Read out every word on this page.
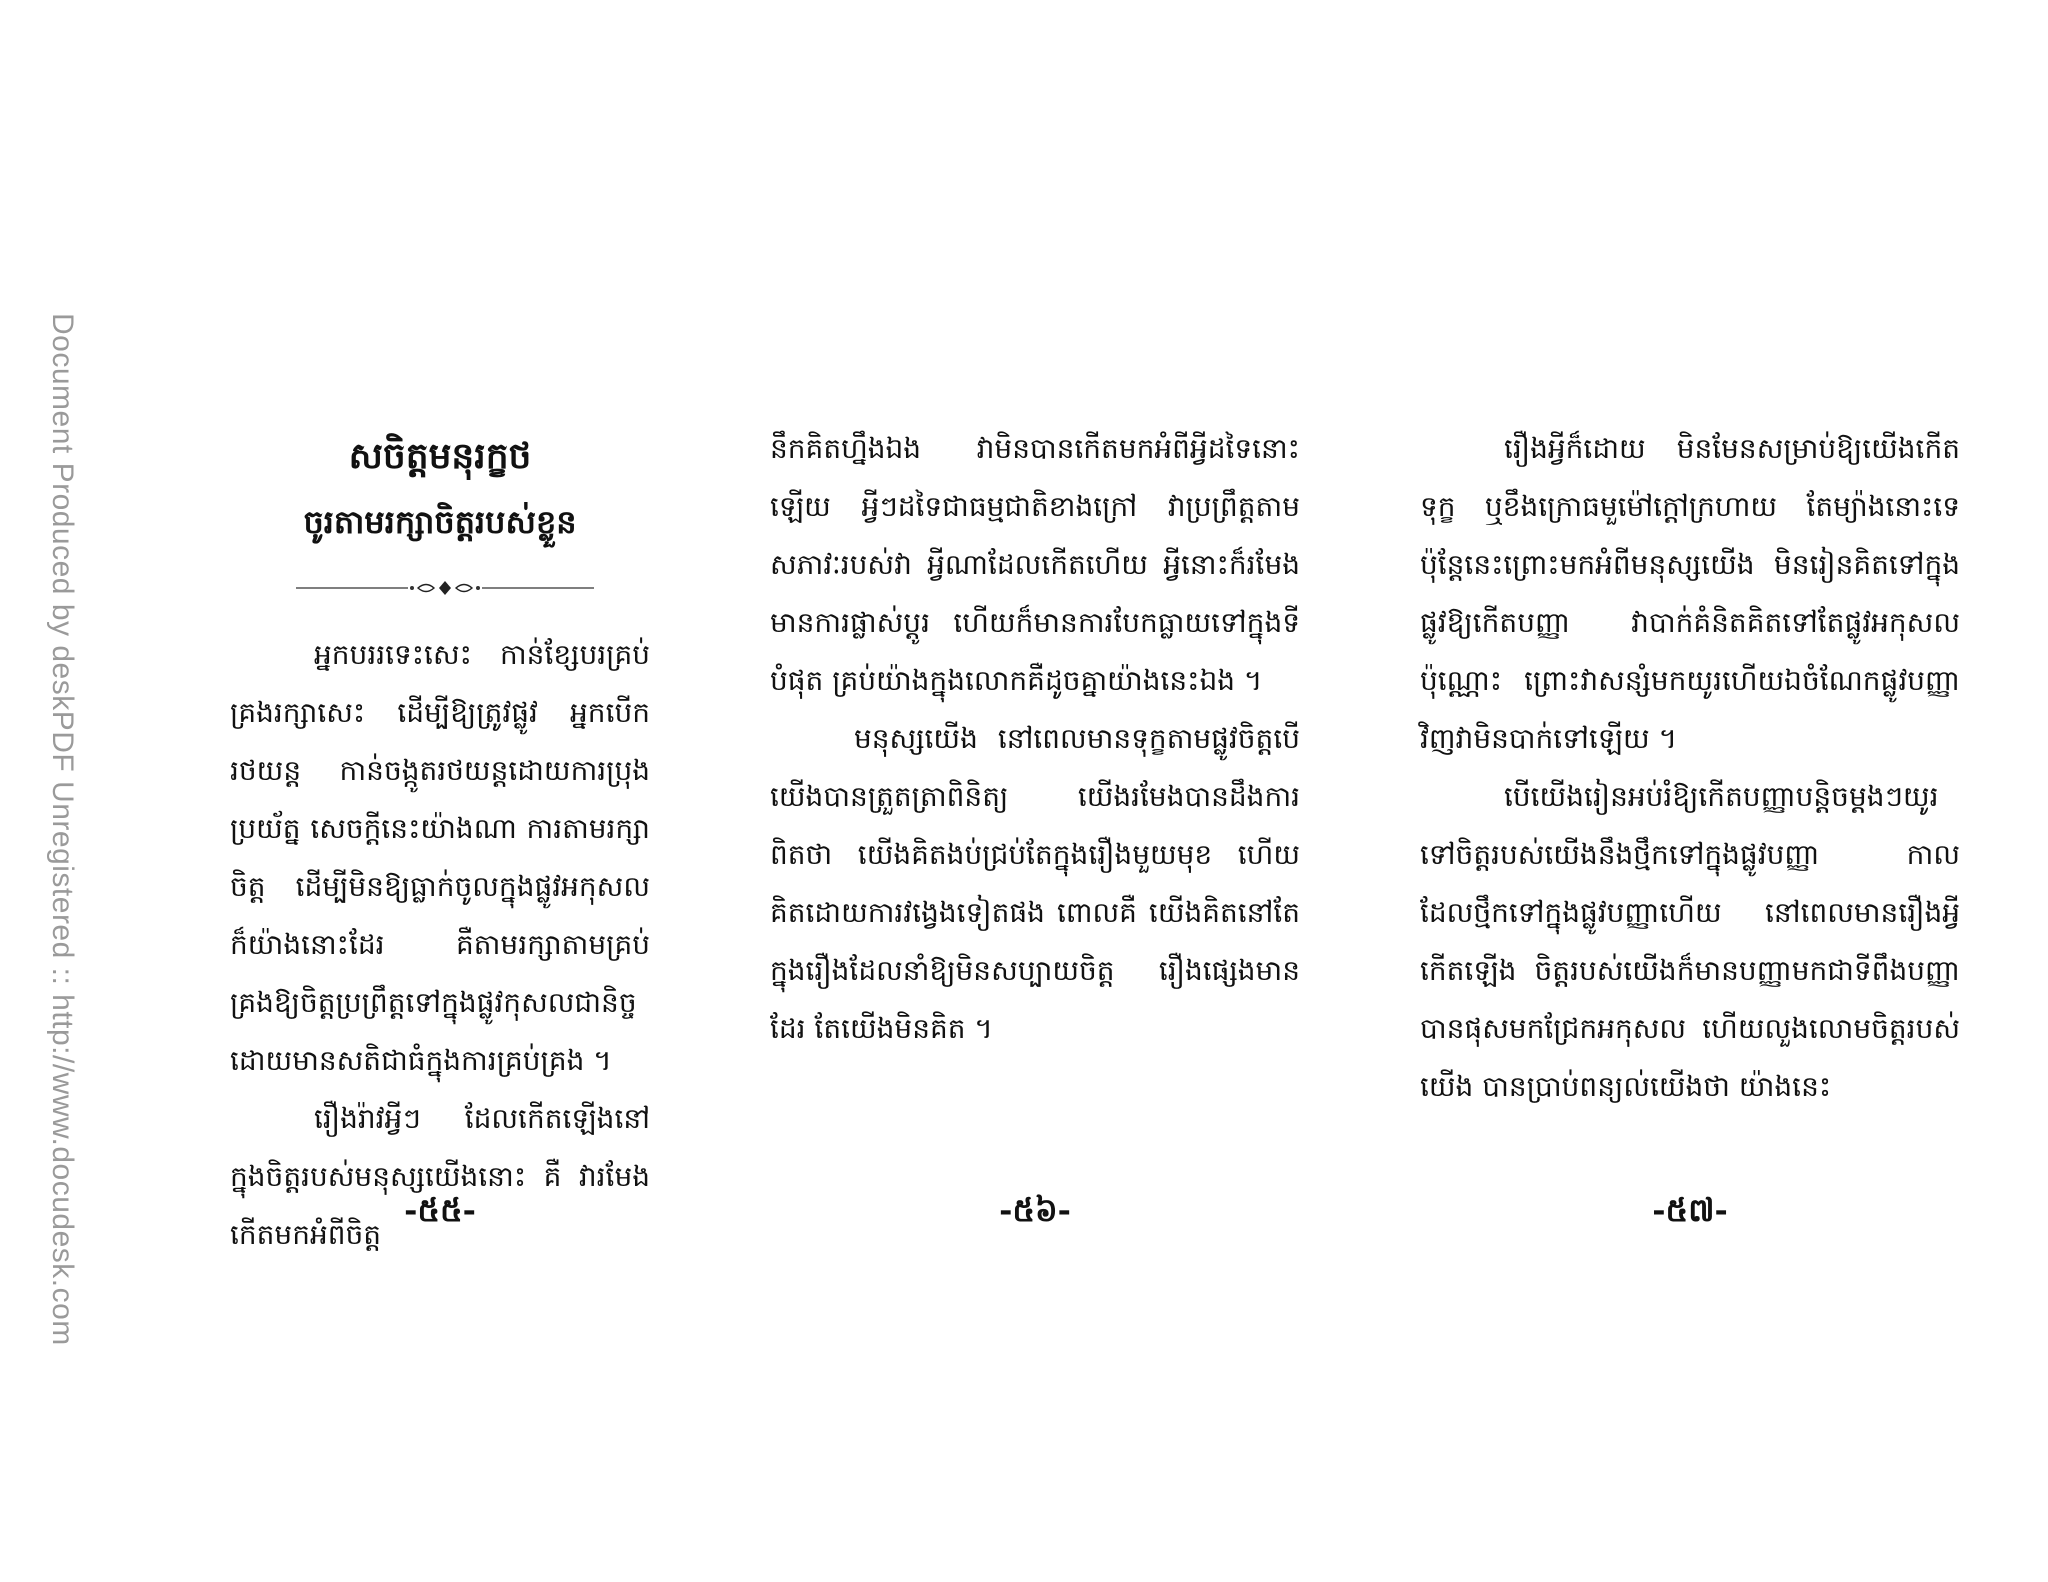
Document Produced by deskPDF Unregistered :: http://www.docudesk.com	សចិត្តមនុរក្ខថ
ចូរតាមរក្សាចិត្តរបស់ខ្លួន

អ្នកបររទេះសេះ កាន់ខ្សែបរគ្រប់គ្រងរក្សាសេះ ដើម្បីឱ្យត្រូវផ្លូវ អ្នកបើករថយន្ត កាន់ចង្កូតរថយន្តដោយការប្រុងប្រយ័ត្ន សេចក្ដីនេះយ៉ាងណា ការតាមរក្សាចិត្ត ដើម្បីមិនឱ្យធ្លាក់ចូលក្នុងផ្លូវអកុសល ក៏យ៉ាងនោះដែរ គឺតាមរក្សាតាមគ្រប់គ្រងឱ្យចិត្តប្រព្រឹត្តទៅក្នុងផ្លូវកុសលជានិច្ចដោយមានសតិជាធំក្នុងការគ្រប់គ្រង ។

រឿងរ៉ាវអ្វីៗ ដែលកើតឡើងនៅក្នុងចិត្តរបស់មនុស្សយើងនោះ គឺ វារមែងកើតមកអំពីចិត្ត

-៥៥-

នឹកគិតហ្នឹងឯង វាមិនបានកើតមកអំពីអ្វីដទៃនោះឡើយ អ្វីៗដទៃជាធម្មជាតិខាងក្រៅ វាប្រព្រឹត្តតាមសភាវៈរបស់វា អ្វីណាដែលកើតហើយ អ្វីនោះក៏រមែងមានការផ្លាស់ប្ដូរ ហើយក៏មានការបែកធ្លាយទៅក្នុងទីបំផុត គ្រប់យ៉ាងក្នុងលោកគឺដូចគ្នាយ៉ាងនេះឯង ។

មនុស្សយើង នៅពេលមានទុក្ខតាមផ្លូវចិត្តបើយើងបានត្រួតត្រាពិនិត្យ យើងរមែងបានដឹងការពិតថា យើងគិតងប់ជ្រប់តែក្នុងរឿងមួយមុខ ហើយគិតដោយការវង្វេងទៀតផង ពោលគឺ យើងគិតនៅតែក្នុងរឿងដែលនាំឱ្យមិនសប្បាយចិត្ត រឿងផ្សេងមានដែរ តែយើងមិនគិត ។

-៥៦-

រឿងអ្វីក៏ដោយ មិនមែនសម្រាប់ឱ្យយើងកើតទុក្ខ ឬខឹងក្រោធមួម៉ៅក្ដៅក្រហាយ តែម្យ៉ាងនោះទេ ប៉ុន្តែនេះព្រោះមកអំពីមនុស្សយើង មិនរៀនគិតទៅក្នុងផ្លូវឱ្យកើតបញ្ញា វាបាក់គំនិតគិតទៅតែផ្លូវអកុសលប៉ុណ្ណោះ ព្រោះវាសន្សំមកយូរហើយឯចំណែកផ្លូវបញ្ញាវិញវាមិនបាក់ទៅឡើយ ។

បើយើងរៀនអប់រំឱ្យកើតបញ្ញាបន្តិចម្ដងៗយូរទៅចិត្តរបស់យើងនឹងថ្មឹកទៅក្នុងផ្លូវបញ្ញា កាលដែលថ្មឹកទៅក្នុងផ្លូវបញ្ញាហើយ នៅពេលមានរឿងអ្វីកើតឡើង ចិត្តរបស់យើងក៏មានបញ្ញាមកជាទីពឹងបញ្ញាបានផុសមកជ្រែកអកុសល ហើយលួងលោមចិត្តរបស់យើង បានប្រាប់ពន្យល់យើងថា យ៉ាងនេះ

-៥៧-
